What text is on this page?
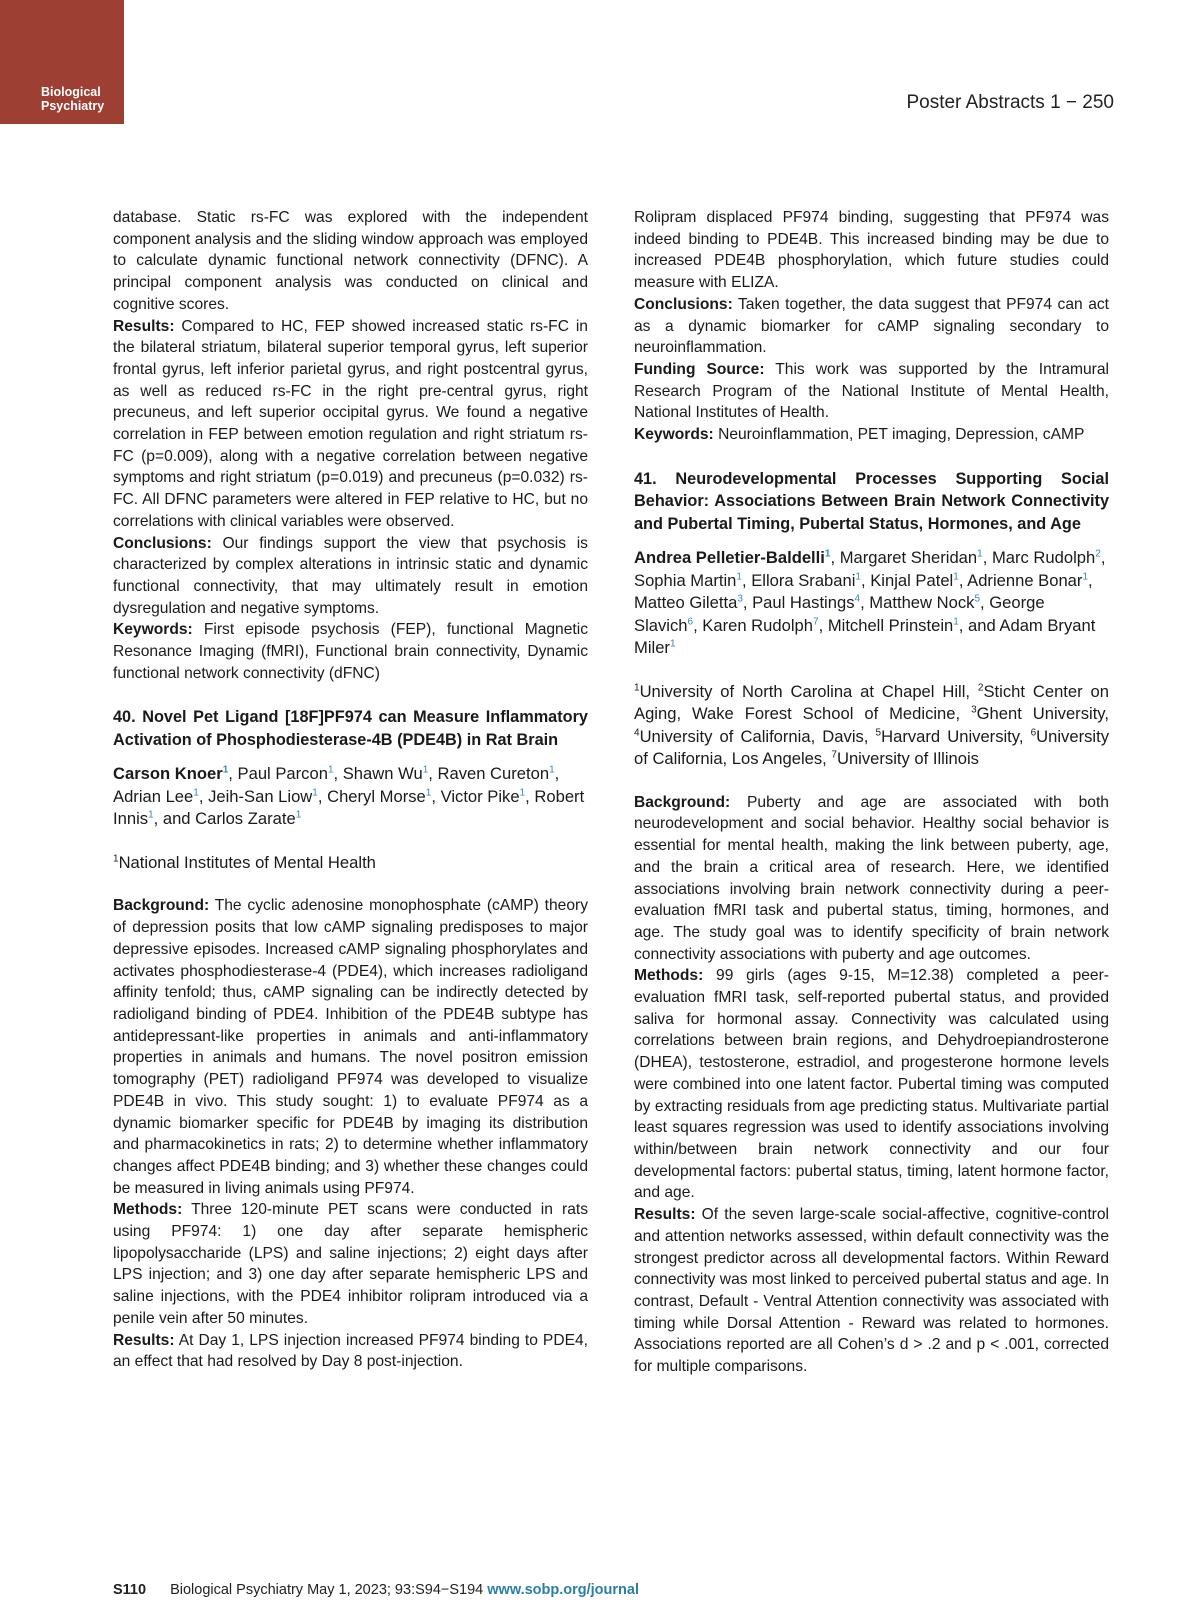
Biological
Psychiatry	Poster Abstracts 1 − 250

database. Static rs-FC was explored with the independent component analysis and the sliding window approach was employed to calculate dynamic functional network connectivity (DFNC). A principal component analysis was conducted on clinical and cognitive scores.

Results: Compared to HC, FEP showed increased static rs-FC in the bilateral striatum, bilateral superior temporal gyrus, left superior frontal gyrus, left inferior parietal gyrus, and right postcentral gyrus, as well as reduced rs-FC in the right pre-central gyrus, right precuneus, and left superior occipital gyrus. We found a negative correlation in FEP between emotion regulation and right striatum rs-FC (p=0.009), along with a negative correlation between negative symptoms and right striatum (p=0.019) and precuneus (p=0.032) rs-FC. All DFNC parameters were altered in FEP relative to HC, but no correlations with clinical variables were observed.

Conclusions: Our findings support the view that psychosis is characterized by complex alterations in intrinsic static and dynamic functional connectivity, that may ultimately result in emotion dysregulation and negative symptoms.

Keywords: First episode psychosis (FEP), functional Magnetic Resonance Imaging (fMRI), Functional brain connectivity, Dynamic functional network connectivity (dFNC)

40. Novel Pet Ligand [18F]PF974 can Measure Inflammatory Activation of Phosphodiesterase-4B (PDE4B) in Rat Brain
Carson Knoer$^1$, Paul Parcon$^1$, Shawn Wu$^1$, Raven Cureton$^1$, Adrian Lee$^1$, Jeih-San Liow$^1$, Cheryl Morse$^1$, Victor Pike$^1$, Robert Innis$^1$, and Carlos Zarate$^1$
$^1$National Institutes of Mental Health

Background: The cyclic adenosine monophosphate (cAMP) theory of depression posits that low cAMP signaling predisposes to major depressive episodes. Increased cAMP signaling phosphorylates and activates phosphodiesterase-4 (PDE4), which increases radioligand affinity tenfold; thus, cAMP signaling can be indirectly detected by radioligand binding of PDE4. Inhibition of the PDE4B subtype has antidepressant-like properties in animals and anti-inflammatory properties in animals and humans. The novel positron emission tomography (PET) radioligand PF974 was developed to visualize PDE4B in vivo. This study sought: 1) to evaluate PF974 as a dynamic biomarker specific for PDE4B by imaging its distribution and pharmacokinetics in rats; 2) to determine whether inflammatory changes affect PDE4B binding; and 3) whether these changes could be measured in living animals using PF974.

Methods: Three 120-minute PET scans were conducted in rats using PF974: 1) one day after separate hemispheric lipopolysaccharide (LPS) and saline injections; 2) eight days after LPS injection; and 3) one day after separate hemispheric LPS and saline injections, with the PDE4 inhibitor rolipram introduced via a penile vein after 50 minutes.

Results: At Day 1, LPS injection increased PF974 binding to PDE4, an effect that had resolved by Day 8 post-injection.

Rolipram displaced PF974 binding, suggesting that PF974 was indeed binding to PDE4B. This increased binding may be due to increased PDE4B phosphorylation, which future studies could measure with ELIZA.

Conclusions: Taken together, the data suggest that PF974 can act as a dynamic biomarker for cAMP signaling secondary to neuroinflammation.

Funding Source: This work was supported by the Intramural Research Program of the National Institute of Mental Health, National Institutes of Health.

Keywords: Neuroinflammation, PET imaging, Depression, cAMP

41. Neurodevelopmental Processes Supporting Social Behavior: Associations Between Brain Network Connectivity and Pubertal Timing, Pubertal Status, Hormones, and Age
Andrea Pelletier-Baldelli$^1$, Margaret Sheridan$^1$, Marc Rudolph$^2$, Sophia Martin$^1$, Ellora Srabani$^1$, Kinjal Patel$^1$, Adrienne Bonar$^1$, Matteo Giletta$^3$, Paul Hastings$^4$, Matthew Nock$^5$, George Slavich$^6$, Karen Rudolph$^7$, Mitchell Prinstein$^1$, and Adam Bryant Miler$^1$
$^1$University of North Carolina at Chapel Hill, $^2$Sticht Center on Aging, Wake Forest School of Medicine, $^3$Ghent University, $^4$University of California, Davis, $^5$Harvard University, $^6$University of California, Los Angeles, $^7$University of Illinois

Background: Puberty and age are associated with both neurodevelopment and social behavior. Healthy social behavior is essential for mental health, making the link between puberty, age, and the brain a critical area of research. Here, we identified associations involving brain network connectivity during a peer-evaluation fMRI task and pubertal status, timing, hormones, and age. The study goal was to identify specificity of brain network connectivity associations with puberty and age outcomes.

Methods: 99 girls (ages 9-15, M=12.38) completed a peer-evaluation fMRI task, self-reported pubertal status, and provided saliva for hormonal assay. Connectivity was calculated using correlations between brain regions, and Dehydroepiandrosterone (DHEA), testosterone, estradiol, and progesterone hormone levels were combined into one latent factor. Pubertal timing was computed by extracting residuals from age predicting status. Multivariate partial least squares regression was used to identify associations involving within/between brain network connectivity and our four developmental factors: pubertal status, timing, latent hormone factor, and age.

Results: Of the seven large-scale social-affective, cognitive-control and attention networks assessed, within default connectivity was the strongest predictor across all developmental factors. Within Reward connectivity was most linked to perceived pubertal status and age. In contrast, Default - Ventral Attention connectivity was associated with timing while Dorsal Attention - Reward was related to hormones. Associations reported are all Cohen’s d > .2 and p < .001, corrected for multiple comparisons.

S110 Biological Psychiatry May 1, 2023; 93:S94−S194 www.sobp.org/journal
